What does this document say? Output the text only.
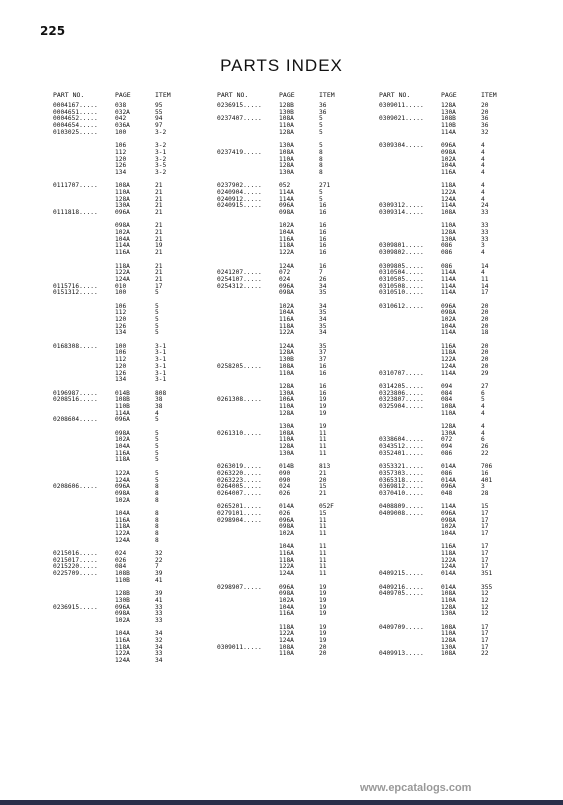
225
PARTS INDEX
PART NO.	PAGE	ITEM
0004167.....	038	95
0004651.....	032A	55
0004652.....	042	94
0004654.....	036A	97
0103025.....	100	3-2
106	3-2
112	3-1
120	3-2
126	3-5
134	3-2
0111707.....	108A	21
110A	21
128A	21
130A	21
0111818.....	096A	21
098A	21
102A	21
104A	21
114A	19
116A	21
118A	21
122A	21
124A	21
0115716.....	010	17
0151312.....	100	5
106	5
112	5
120	5
126	5
134	5
0168308.....	100	3-1
106	3-1
112	3-1
120	3-1
126	3-1
134	3-1
0196987.....	014B	808
0208516.....	108B	38
110B	38
114A	4
0208604.....	096A	5
098A	5
102A	5
104A	5
116A	5
118A	5
122A	5
124A	5
0208606.....	096A	8
098A	8
102A	8
104A	8
116A	8
118A	8
122A	8
124A	8
0215016.....	024	32
0215017.....	026	22
0215220.....	084	7
0225709.....	108B	39
110B	41
128B	39
130B	41
0236915.....	096A	33
098A	33
102A	33
104A	34
116A	32
118A	34
122A	33
124A	34
PART NO.	PAGE	ITEM
0236915.....	128B	36
130B	36
0237407.....	108A	5
110A	5
128A	5
130A	5
0237419.....	108A	8
110A	8
128A	8
130A	8
0237902.....	052	271
0240904.....	114A	5
0240912.....	114A	5
0240915.....	096A	16
098A	16
102A	16
104A	16
116A	16
118A	16
122A	16
124A	16
0241207.....	072	7
0254107.....	024	26
0254312.....	096A	34
098A	35
102A	34
104A	35
116A	34
118A	35
122A	34
124A	35
128A	37
130B	37
0258205.....	108A	16
110A	16
128A	16
130A	16
0261308.....	106A	19
110A	19
128A	19
130A	19
0261310.....	108A	11
110A	11
128A	11
130A	11
0263019.....	014B	813
0263220.....	090	21
0263223.....	090	20
0264005.....	024	15
0264007.....	026	21
0265201.....	014A	052F
0279101.....	026	15
0298904.....	096A	11
098A	11
102A	11
104A	11
116A	11
118A	11
122A	11
124A	11
0298907.....	096A	19
098A	19
102A	19
104A	19
116A	19
118A	19
122A	19
124A	19
0309011.....	108A	20
110A	20
PART NO.	PAGE	ITEM
0309011.....	128A	20
130A	20
0309021.....	108B	36
110B	36
114A	32
0309304.....	096A	4
098A	4
102A	4
104A	4
116A	4
118A	4
122A	4
124A	4
0309312.....	114A	24
0309314.....	108A	33
110A	33
128A	33
130A	33
0309801.....	086	3
0309802.....	086	4
0309805.....	086	14
0310504.....	114A	4
0310505.....	114A	11
0310508.....	114A	14
0310510.....	114A	17
0310612.....	096A	20
098A	20
102A	20
104A	20
114A	18
116A	20
118A	20
122A	20
124A	20
0310707.....	114A	29
0314205.....	094	27
0323806.....	084	6
0323807.....	084	5
0325904.....	108A	4
110A	4
128A	4
130A	4
0338604.....	072	6
0343512.....	094	26
0352401.....	086	22
0353321.....	014A	706
0357303.....	086	16
0365318.....	014A	401
0369812.....	096A	3
0370410.....	048	28
0408809.....	114A	15
0409008.....	096A	17
098A	17
102A	17
104A	17
116A	17
118A	17
122A	17
124A	17
0409215.....	014A	351
0409216.....	014A	355
0409705.....	108A	12
110A	12
128A	12
130A	12
0409709.....	108A	17
110A	17
128A	17
130A	17
0409913.....	108A	22
www.epcatalogs.com
